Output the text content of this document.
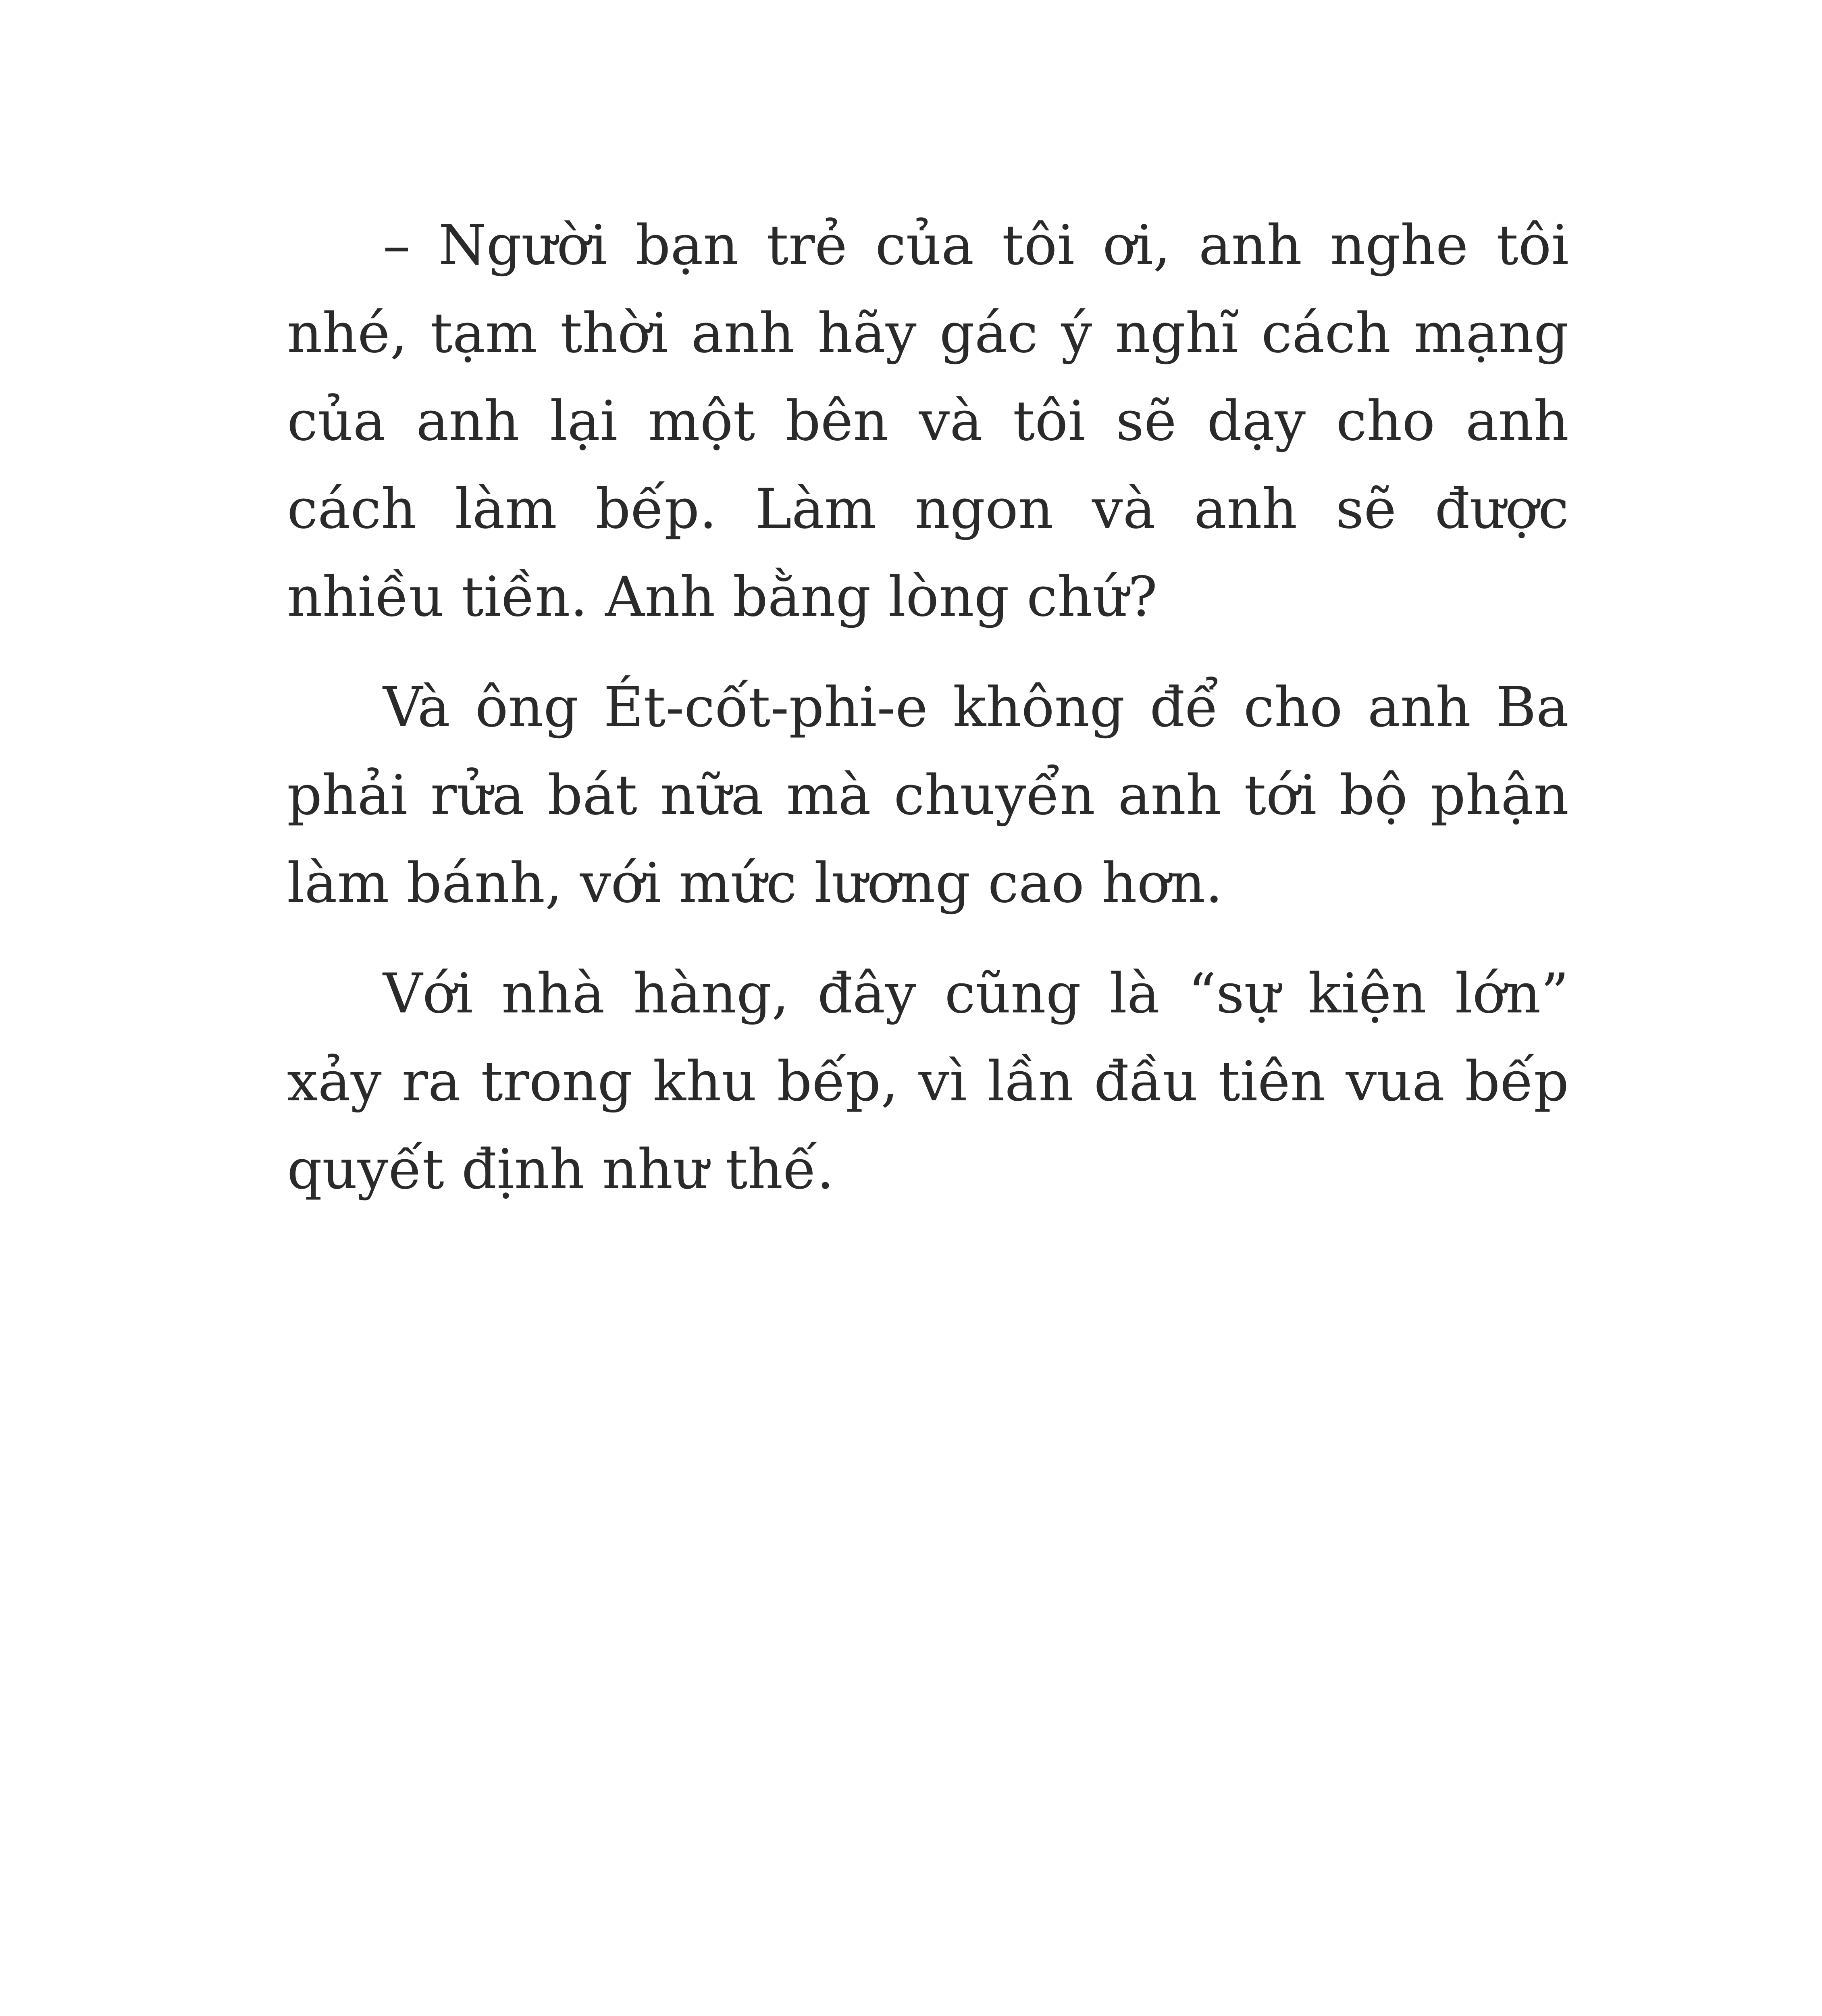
– Người bạn trẻ của tôi ơi, anh nghe tôi nhé, tạm thời anh hãy gác ý nghĩ cách mạng của anh lại một bên và tôi sẽ dạy cho anh cách làm bếp. Làm ngon và anh sẽ được nhiều tiền. Anh bằng lòng chứ?

Và ông Ét-cốt-phi-e không để cho anh Ba phải rửa bát nữa mà chuyển anh tới bộ phận làm bánh, với mức lương cao hơn.

Với nhà hàng, đây cũng là “sự kiện lớn” xảy ra trong khu bếp, vì lần đầu tiên vua bếp quyết định như thế.
